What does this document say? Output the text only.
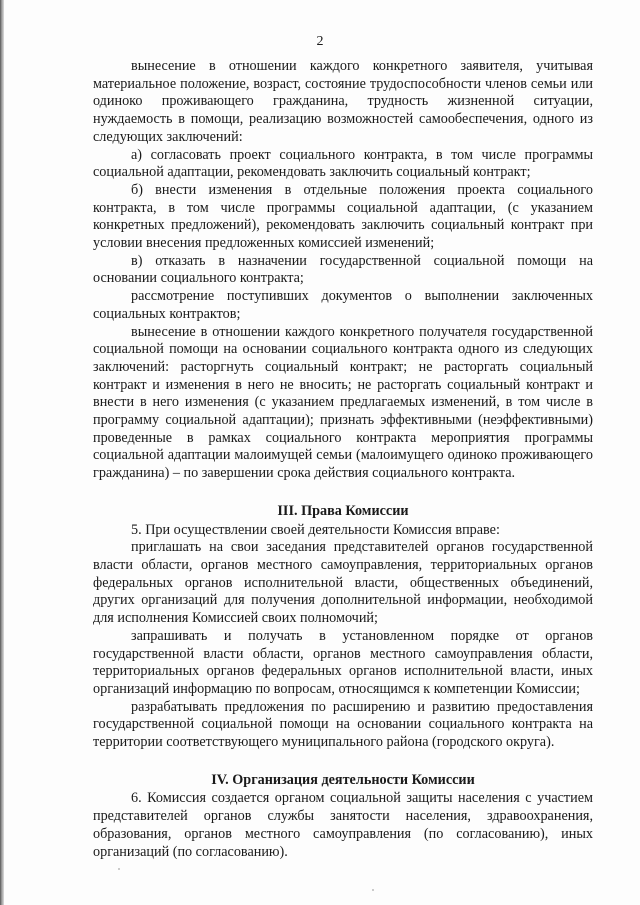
2

вынесение в отношении каждого конкретного заявителя, учитывая материальное положение, возраст, состояние трудоспособности членов семьи или одиноко проживающего гражданина, трудность жизненной ситуации, нуждаемость в помощи, реализацию возможностей самообеспечения, одного из следующих заключений:

а) согласовать проект социального контракта, в том числе программы социальной адаптации, рекомендовать заключить социальный контракт;

б) внести изменения в отдельные положения проекта социального контракта, в том числе программы социальной адаптации, (с указанием конкретных предложений), рекомендовать заключить социальный контракт при условии внесения предложенных комиссией изменений;

в) отказать в назначении государственной социальной помощи на основании социального контракта;

рассмотрение поступивших документов о выполнении заключенных социальных контрактов;

вынесение в отношении каждого конкретного получателя государственной социальной помощи на основании социального контракта одного из следующих заключений: расторгнуть социальный контракт; не расторгать социальный контракт и изменения в него не вносить; не расторгать социальный контракт и внести в него изменения (с указанием предлагаемых изменений, в том числе в программу социальной адаптации); признать эффективными (неэффективными) проведенные в рамках социального контракта мероприятия программы социальной адаптации малоимущей семьи (малоимущего одиноко проживающего гражданина) – по завершении срока действия социального контракта.

III. Права Комиссии

5. При осуществлении своей деятельности Комиссия вправе:

приглашать на свои заседания представителей органов государственной власти области, органов местного самоуправления, территориальных органов федеральных органов исполнительной власти, общественных объединений, других организаций для получения дополнительной информации, необходимой для исполнения Комиссией своих полномочий;

запрашивать и получать в установленном порядке от органов государственной власти области, органов местного самоуправления области, территориальных органов федеральных органов исполнительной власти, иных организаций информацию по вопросам, относящимся к компетенции Комиссии;

разрабатывать предложения по расширению и развитию предоставления государственной социальной помощи на основании социального контракта на территории соответствующего муниципального района (городского округа).

IV. Организация деятельности Комиссии

6. Комиссия создается органом социальной защиты населения с участием представителей органов службы занятости населения, здравоохранения, образования, органов местного самоуправления (по согласованию), иных организаций (по согласованию).
